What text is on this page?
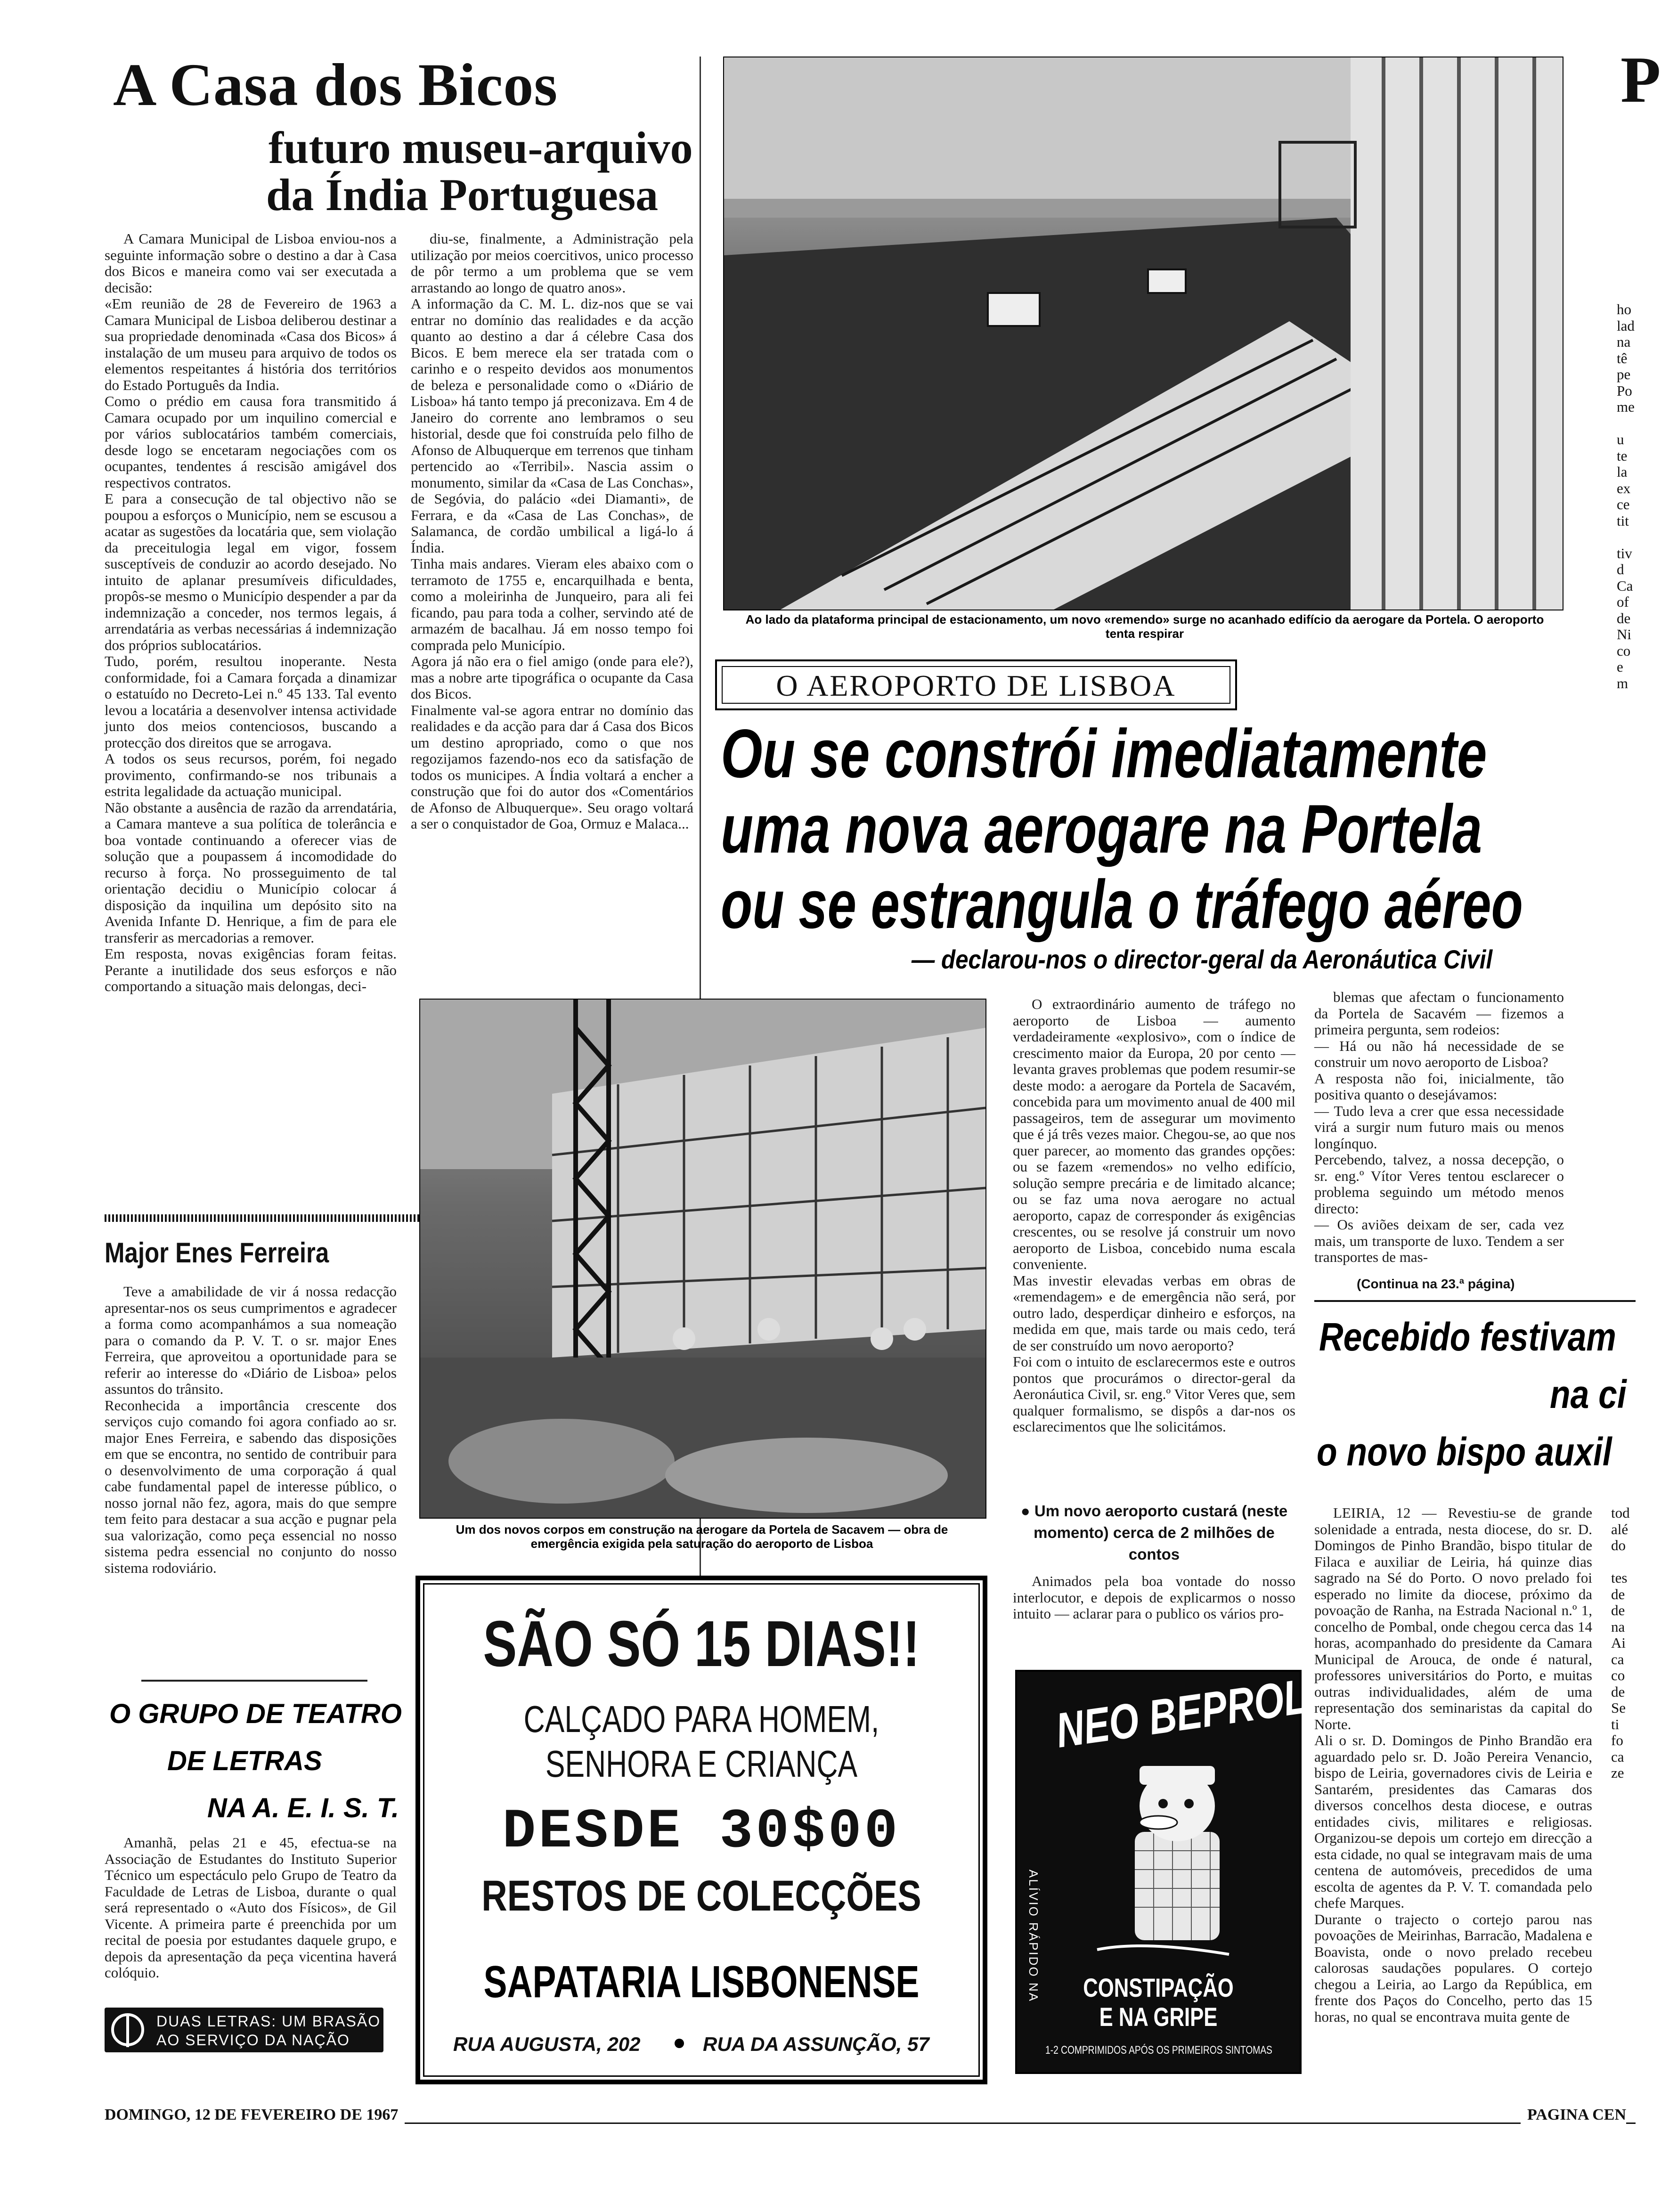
A Casa dos Bicos
futuro museu-arquivo
da Índia Portuguesa
A Camara Municipal de Lisboa enviou-nos a seguinte informação sobre o destino a dar à Casa dos Bicos e maneira como vai ser executada a decisão:
«Em reunião de 28 de Fevereiro de 1963 a Camara Municipal de Lisboa deliberou destinar a sua propriedade denominada «Casa dos Bicos» á instalação de um museu para arquivo de todos os elementos respeitantes á história dos territórios do Estado Português da India.
Como o prédio em causa fora transmitido á Camara ocupado por um inquilino comercial e por vários sublocatários também comerciais, desde logo se encetaram negociações com os ocupantes, tendentes á rescisão amigável dos respectivos contratos.
E para a consecução de tal objectivo não se poupou a esforços o Município, nem se escusou a acatar as sugestões da locatária que, sem violação da preceitulogia legal em vigor, fossem susceptíveis de conduzir ao acordo desejado. No intuito de aplanar presumíveis dificuldades, propôs-se mesmo o Município despender a par da indemnização a conceder, nos termos legais, á arrendatária as verbas necessárias á indemnização dos próprios sublocatários.
Tudo, porém, resultou inoperante. Nesta conformidade, foi a Camara forçada a dinamizar o estatuído no Decreto-Lei n.º 45 133. Tal evento levou a locatária a desenvolver intensa actividade junto dos meios contenciosos, buscando a protecção dos direitos que se arrogava.
A todos os seus recursos, porém, foi negado provimento, confirmando-se nos tribunais a estrita legalidade da actuação municipal.
Não obstante a ausência de razão da arrendatária, a Camara manteve a sua política de tolerância e boa vontade continuando a oferecer vias de solução que a poupassem á incomodidade do recurso à força. No prosseguimento de tal orientação decidiu o Município colocar á disposição da inquilina um depósito sito na Avenida Infante D. Henrique, a fim de para ele transferir as mercadorias a remover.
Em resposta, novas exigências foram feitas. Perante a inutilidade dos seus esforços e não comportando a situação mais delongas, deci-
diu-se, finalmente, a Administração pela utilização por meios coercitivos, unico processo de pôr termo a um problema que se vem arrastando ao longo de quatro anos».
A informação da C. M. L. diz-nos que se vai entrar no domínio das realidades e da acção quanto ao destino a dar á célebre Casa dos Bicos. E bem merece ela ser tratada com o carinho e o respeito devidos aos monumentos de beleza e personalidade como o «Diário de Lisboa» há tanto tempo já preconizava. Em 4 de Janeiro do corrente ano lembramos o seu historial, desde que foi construída pelo filho de Afonso de Albuquerque em terrenos que tinham pertencido ao «Terribil». Nascia assim o monumento, similar da «Casa de Las Conchas», de Segóvia, do palácio «dei Diamanti», de Ferrara, e da «Casa de Las Conchas», de Salamanca, de cordão umbilical a ligá-lo á Índia.
Tinha mais andares. Vieram eles abaixo com o terramoto de 1755 e, encarquilhada e benta, como a moleirinha de Junqueiro, para ali fei ficando, pau para toda a colher, servindo até de armazém de bacalhau. Já em nosso tempo foi comprada pelo Município.
Agora já não era o fiel amigo (onde para ele?), mas a nobre arte tipográfica o ocupante da Casa dos Bicos.
Finalmente val-se agora entrar no domínio das realidades e da acção para dar á Casa dos Bicos um destino apropriado, como o que nos regozijamos fazendo-nos eco da satisfação de todos os municipes. A Índia voltará a encher a construção que foi do autor dos «Comentários de Afonso de Albuquerque». Seu orago voltará a ser o conquistador de Goa, Ormuz e Malaca...
Major Enes Ferreira
Teve a amabilidade de vir á nossa redacção apresentar-nos os seus cumprimentos e agradecer a forma como acompanhámos a sua nomeação para o comando da P. V. T. o sr. major Enes Ferreira, que aproveitou a oportunidade para se referir ao interesse do «Diário de Lisboa» pelos assuntos do trânsito.
Reconhecida a importância crescente dos serviços cujo comando foi agora confiado ao sr. major Enes Ferreira, e sabendo das disposições em que se encontra, no sentido de contribuir para o desenvolvimento de uma corporação á qual cabe fundamental papel de interesse público, o nosso jornal não fez, agora, mais do que sempre tem feito para destacar a sua acção e pugnar pela sua valorização, como peça essencial no nosso sistema pedra essencial no conjunto do nosso sistema rodoviário.
O GRUPO DE TEATRO
DE LETRAS
NA A. E. I. S. T.
Amanhã, pelas 21 e 45, efectua-se na Associação de Estudantes do Instituto Superior Técnico um espectáculo pelo Grupo de Teatro da Faculdade de Letras de Lisboa, durante o qual será representado o «Auto dos Físicos», de Gil Vicente. A primeira parte é preenchida por um recital de poesia por estudantes daquele grupo, e depois da apresentação da peça vicentina haverá colóquio.
DUAS LETRAS: UM BRASÃO
AO SERVIÇO DA NAÇÃO
Ao lado da plataforma principal de estacionamento, um novo «remendo» surge no acanhado edifício da aerogare da Portela. O aeroporto tenta respirar
O AEROPORTO DE LISBOA
Ou se constrói imediatamente
uma nova aerogare na Portela
ou se estrangula o tráfego aéreo
— declarou-nos o director-geral da Aeronáutica Civil
Um dos novos corpos em construção na aerogare da Portela de Sacavem — obra de emergência exigida pela saturação do aeroporto de Lisboa
O extraordinário aumento de tráfego no aeroporto de Lisboa — aumento verdadeiramente «explosivo», com o índice de crescimento maior da Europa, 20 por cento — levanta graves problemas que podem resumir-se deste modo: a aerogare da Portela de Sacavém, concebida para um movimento anual de 400 mil passageiros, tem de assegurar um movimento que é já três vezes maior. Chegou-se, ao que nos quer parecer, ao momento das grandes opções: ou se fazem «remendos» no velho edifício, solução sempre precária e de limitado alcance; ou se faz uma nova aerogare no actual aeroporto, capaz de corresponder ás exigências crescentes, ou se resolve já construir um novo aeroporto de Lisboa, concebido numa escala conveniente.
Mas investir elevadas verbas em obras de «remendagem» e de emergência não será, por outro lado, desperdiçar dinheiro e esforços, na medida em que, mais tarde ou mais cedo, terá de ser construído um novo aeroporto?
Foi com o intuito de esclarecermos este e outros pontos que procurámos o director-geral da Aeronáutica Civil, sr. eng.º Vitor Veres que, sem qualquer formalismo, se dispôs a dar-nos os esclarecimentos que lhe solicitámos.
● Um novo aeroporto custará (neste momento) cerca de 2 milhões de contos
Animados pela boa vontade do nosso interlocutor, e depois de explicarmos o nosso intuito — aclarar para o publico os vários pro-
blemas que afectam o funcionamento da Portela de Sacavém — fizemos a primeira pergunta, sem rodeios:
— Há ou não há necessidade de se construir um novo aeroporto de Lisboa?
A resposta não foi, inicialmente, tão positiva quanto o desejávamos:
— Tudo leva a crer que essa necessidade virá a surgir num futuro mais ou menos longínquo.
Percebendo, talvez, a nossa decepção, o sr. eng.º Vítor Veres tentou esclarecer o problema seguindo um método menos directo:
— Os aviões deixam de ser, cada vez mais, um transporte de luxo. Tendem a ser transportes de mas-
(Continua na 23.ª página)
Recebido festivam
na ci
o novo bispo auxil
LEIRIA, 12 — Revestiu-se de grande solenidade a entrada, nesta diocese, do sr. D. Domingos de Pinho Brandão, bispo titular de Filaca e auxiliar de Leiria, há quinze dias sagrado na Sé do Porto. O novo prelado foi esperado no limite da diocese, próximo da povoação de Ranha, na Estrada Nacional n.º 1, concelho de Pombal, onde chegou cerca das 14 horas, acompanhado do presidente da Camara Municipal de Arouca, de onde é natural, professores universitários do Porto, e muitas outras individualidades, além de uma representação dos seminaristas da capital do Norte.
Ali o sr. D. Domingos de Pinho Brandão era aguardado pelo sr. D. João Pereira Venancio, bispo de Leiria, governadores civis de Leiria e Santarém, presidentes das Camaras dos diversos concelhos desta diocese, e outras entidades civis, militares e religiosas. Organizou-se depois um cortejo em direcção a esta cidade, no qual se integravam mais de uma centena de automóveis, precedidos de uma escolta de agentes da P. V. T. comandada pelo chefe Marques.
Durante o trajecto o cortejo parou nas povoações de Meirinhas, Barracão, Madalena e Boavista, onde o novo prelado recebeu calorosas saudações populares. O cortejo chegou a Leiria, ao Largo da República, em frente dos Paços do Concelho, perto das 15 horas, no qual se encontrava muita gente de
P
ho
lad
na
tê
pe
Po
me

u
te
la
ex
ce
tit

tiv
d
Ca
of
de
Ni
co
e
m
tod
alé
do

tes
de
de
na
Ai
ca
co
de
Se
ti
fo
ca
ze
SÃO SÓ 15 DIAS!!
CALÇADO PARA HOMEM,
SENHORA E CRIANÇA
DESDE 30$00
RESTOS DE COLECÇÕES
SAPATARIA LISBONENSE
RUA AUGUSTA, 202	RUA DA ASSUNÇÃO, 57
NEO BEPROL
ALÍVIO RÁPIDO NA	CONSTIPAÇÃO
E NA GRIPE
1-2 COMPRIMIDOS APÓS OS PRIMEIROS SINTOMAS
DOMINGO, 12 DE FEVEREIRO DE 1967	PAGINA CEN
